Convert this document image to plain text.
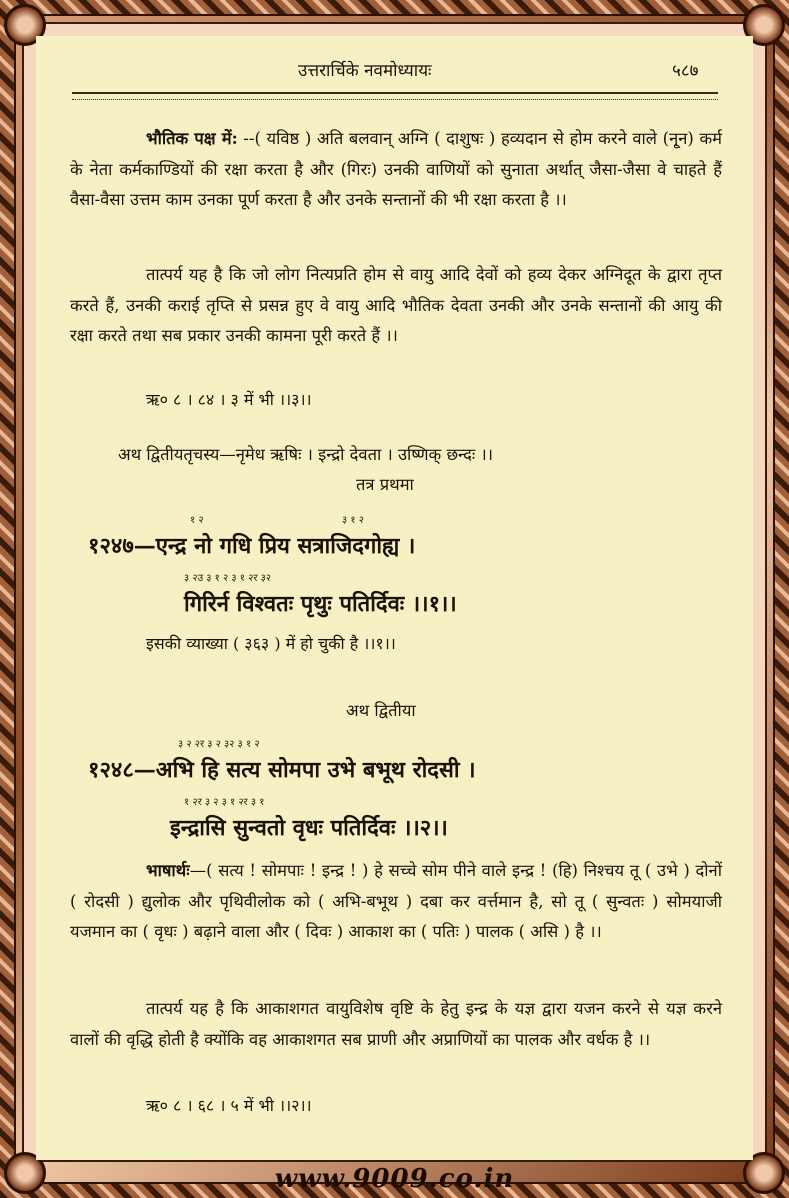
उत्तरार्चिके नवमोध्यायः	५८७
भौतिक पक्ष में: --( यविष्ठ ) अति बलवान् अग्नि ( दाशुषः ) हव्यदान से होम करने वाले (नृ्न) कर्म के नेता कर्मकाण्डियों की रक्षा करता है और (गिरः) उनकी वाणियों को सुनाता अर्थात् जैसा-जैसा वे चाहते हैं वैसा-वैसा उत्तम काम उनका पूर्ण करता है और उनके सन्तानों की भी रक्षा करता है ।।
तात्पर्य यह है कि जो लोग नित्यप्रति होम से वायु आदि देवों को हव्य देकर अग्निदूत के द्वारा तृप्त करते हैं, उनकी कराई तृप्ति से प्रसन्न हुए वे वायु आदि भौतिक देवता उनकी और उनके सन्तानों की आयु की रक्षा करते तथा सब प्रकार उनकी कामना पूरी करते हैं ।।
ऋ० ८ । ८४ । ३ में भी ।।३।।
अथ द्वितीयतृचस्य—नृमेध ऋषिः । इन्द्रो देवता । उष्णिक् छन्दः ।।
तत्र प्रथमा
१ २	३ १ २
१२४७—एन्द्र नो गधि प्रिय सत्राजिदगोह्य ।
३ २उ ३ १ २ ३ १ २र ३२
गिरिर्न विश्वतः पृथुः पतिर्दिवः ।।१।।
इसकी व्याख्या ( ३६३ ) में हो चुकी है ।।१।।
अथ द्वितीया
३ २ २र ३ २ ३२ ३ १ २
१२४८—अभि हि सत्य सोमपा उभे बभूथ रोदसी ।
१ २र ३ २ ३ १ २र ३ १
इन्द्रासि सुन्वतो वृधः पतिर्दिवः ।।२।।
भाषार्थः—( सत्य ! सोमपाः ! इन्द्र ! ) हे सच्चे सोम पीने वाले इन्द्र ! (हि) निश्चय तू ( उभे ) दोनों ( रोदसी ) द्युलोक और पृथिवीलोक को ( अभि-बभूथ ) दबा कर वर्त्तमान है, सो तू ( सुन्वतः ) सोमयाजी यजमान का ( वृधः ) बढ़ाने वाला और ( दिवः ) आकाश का ( पतिः ) पालक ( असि ) है ।।
तात्पर्य यह है कि आकाशगत वायुविशेष वृष्टि के हेतु इन्द्र के यज्ञ द्वारा यजन करने से यज्ञ करने वालों की वृद्धि होती है क्योंकि वह आकाशगत सब प्राणी और अप्राणियों का पालक और वर्धक है ।।
ऋ० ८ । ६८ । ५ में भी ।।२।।
www.9009.co.in
